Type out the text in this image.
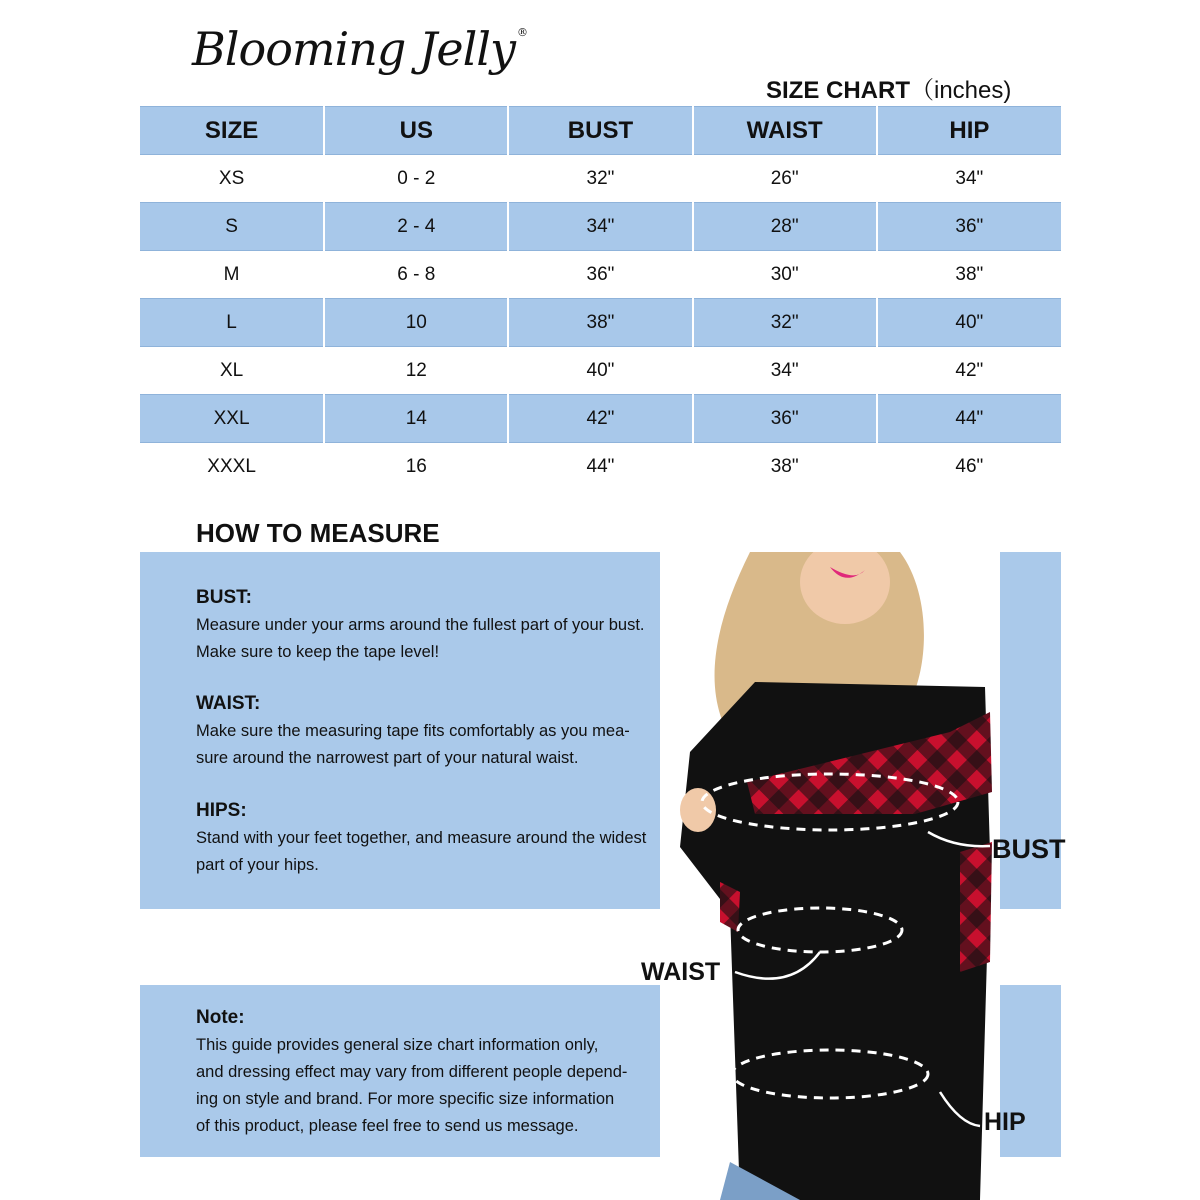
Blooming Jelly ®
SIZE CHART（inches)
SIZE	US	BUST	WAIST	HIP
XS	0 - 2	32"	26"	34"
S	2 - 4	34"	28"	36"
M	6 - 8	36"	30"	38"
L	10	38"	32"	40"
XL	12	40"	34"	42"
XXL	14	42"	36"	44"
XXXL	16	44"	38"	46"
HOW TO MEASURE
BUST:

Measure under your arms around the fullest part of your bust.
Make sure to keep the tape level!

WAIST:

Make sure the measuring tape fits comfortably as you mea-
sure around the narrowest part of your natural waist.

HIPS:

Stand with your feet together, and measure around the widest
part of your hips.

Note:

This guide provides general size chart information only,
and dressing effect may vary from different people depend-
ing on style and brand. For more specific size information
of this product, please feel free to send us message.

BUST
WAIST
HIP
